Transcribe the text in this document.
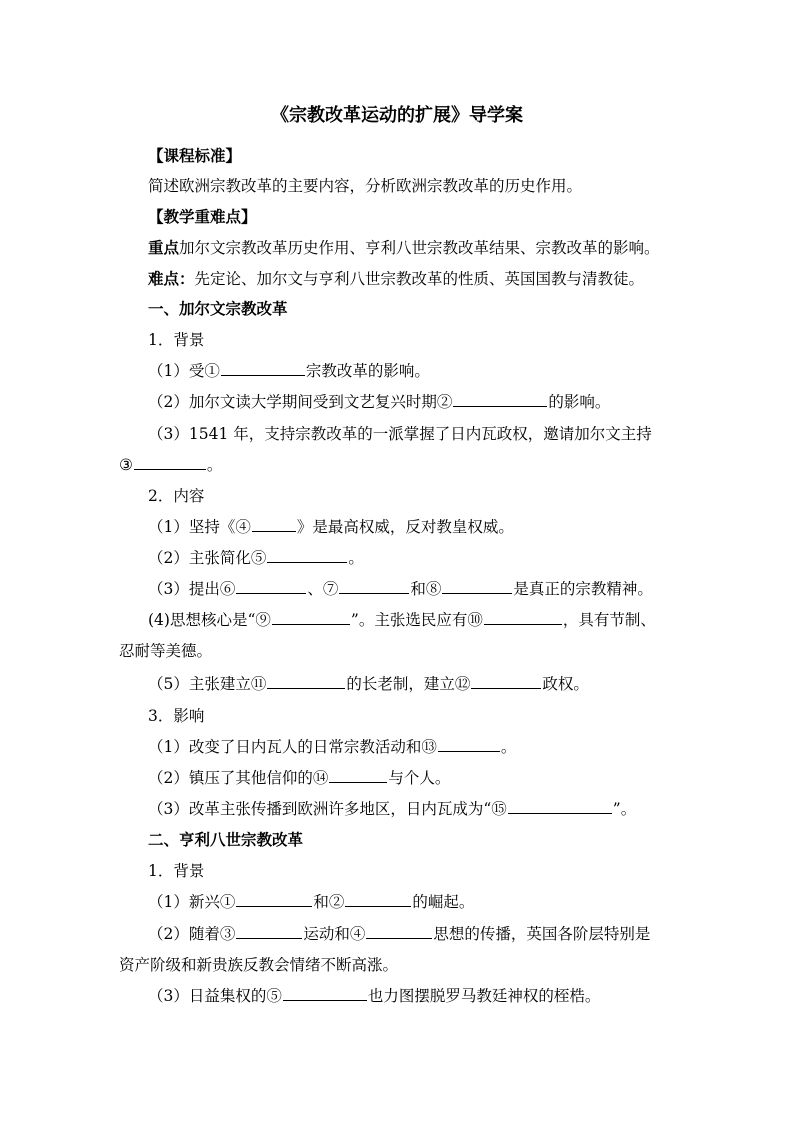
《宗教改革运动的扩展》导学案
【课程标准】
简述欧洲宗教改革的主要内容，分析欧洲宗教改革的历史作用。
【教学重难点】
重点加尔文宗教改革历史作用、亨利八世宗教改革结果、宗教改革的影响。
难点：先定论、加尔文与亨利八世宗教改革的性质、英国国教与清教徒。
一、加尔文宗教改革
1．背景
（1）受①	宗教改革的影响。
（2）加尔文读大学期间受到文艺复兴时期②	的影响。
（3）1541 年，支持宗教改革的一派掌握了日内瓦政权，邀请加尔文主持
③	。
2．内容
（1）坚持《④	》是最高权威，反对教皇权威。
（2）主张简化⑤	。
（3）提出⑥	、⑦	和⑧	是真正的宗教精神。
(4)思想核心是“⑨	”。主张选民应有⑩	，具有节制、
忍耐等美德。
（5）主张建立⑪	的长老制，建立⑫	政权。
3．影响
（1）改变了日内瓦人的日常宗教活动和⑬	。
（2）镇压了其他信仰的⑭	与个人。
（3）改革主张传播到欧洲许多地区，日内瓦成为“⑮	”。
二、亨利八世宗教改革
1．背景
（1）新兴①	和②	的崛起。
（2）随着③	运动和④	思想的传播，英国各阶层特别是
资产阶级和新贵族反教会情绪不断高涨。
（3）日益集权的⑤	也力图摆脱罗马教廷神权的桎梏。
